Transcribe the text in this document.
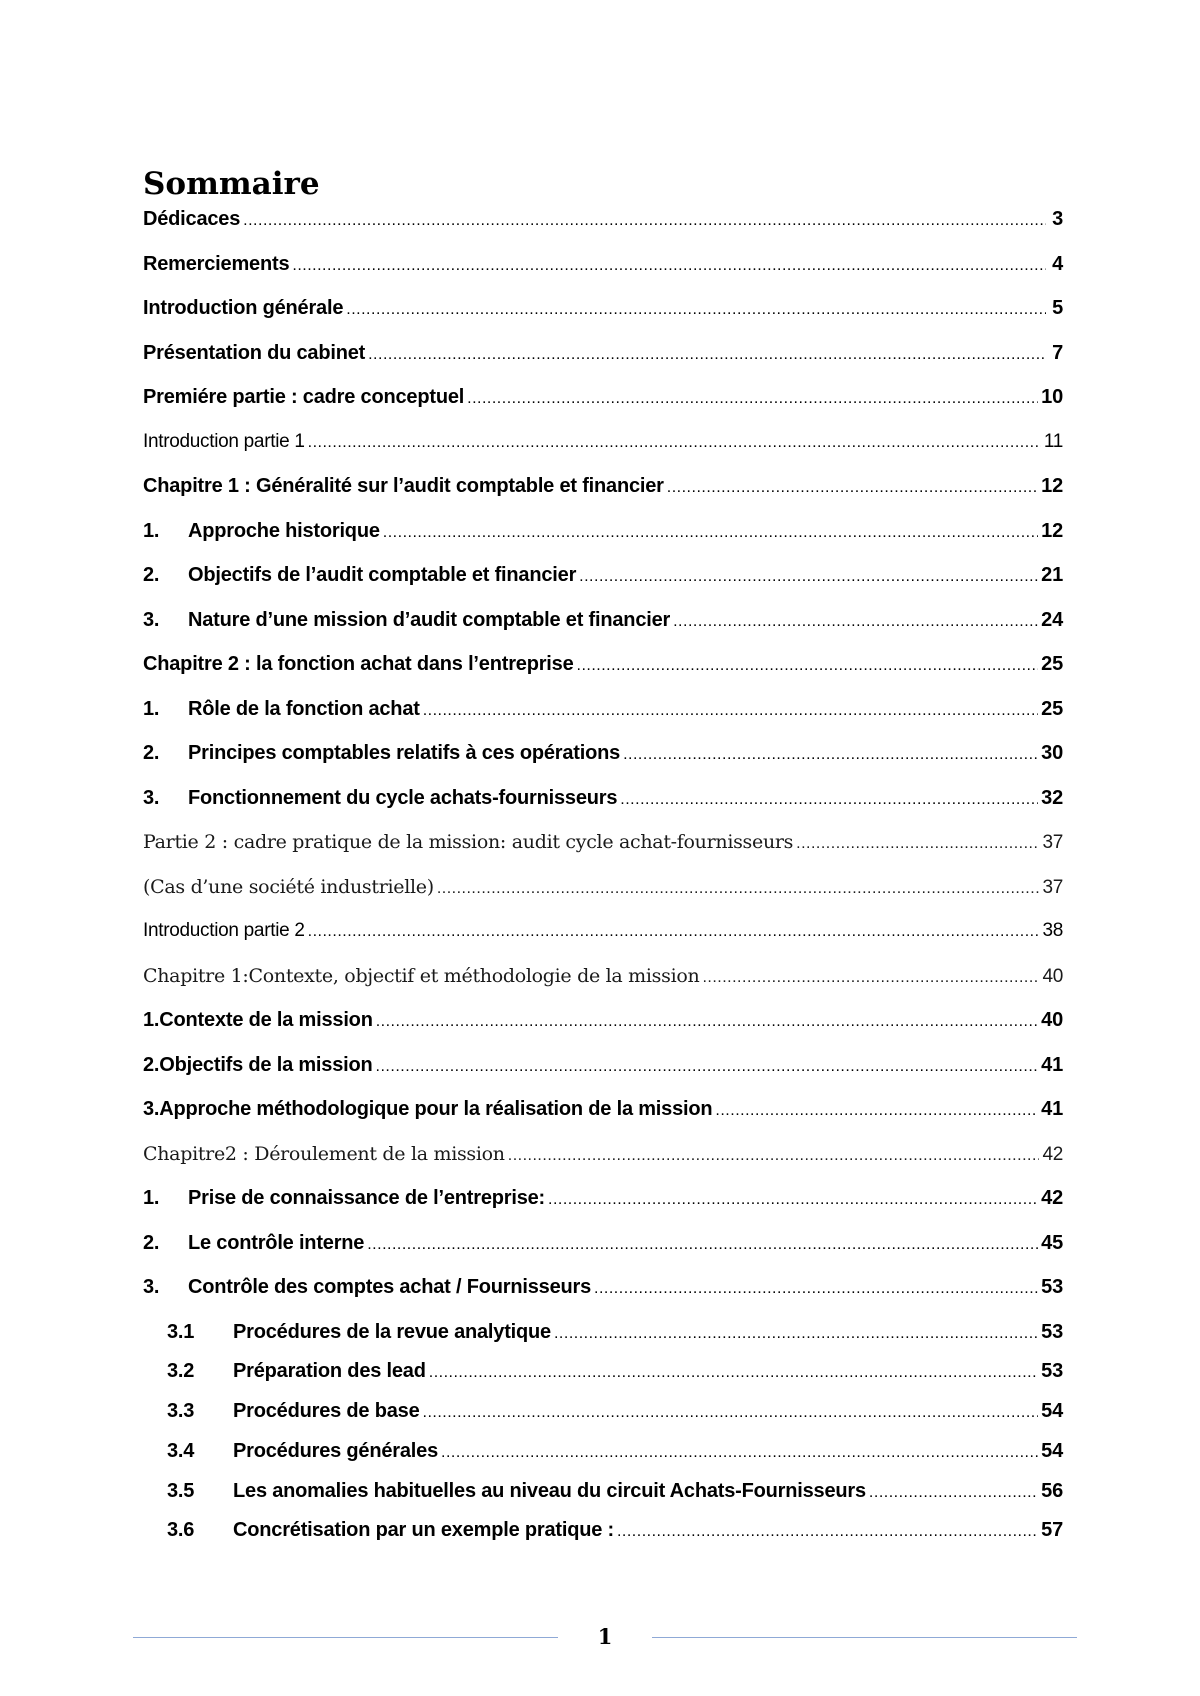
Sommaire
Dédicaces .....	3
Remerciements .....	4
Introduction générale .....	5
Présentation du cabinet .....	7
Premiére partie : cadre conceptuel .....	10
Introduction partie 1 .....	11
Chapitre 1 : Généralité sur l’audit comptable et financier .....	12
1.	Approche historique .....	12
2.	Objectifs de l’audit comptable et financier .....	21
3.	Nature d’une mission d’audit comptable et financier .....	24
Chapitre 2 : la fonction achat dans l’entreprise .....	25
1.	Rôle de la fonction achat .....	25
2.	Principes comptables relatifs à ces opérations .....	30
3.	Fonctionnement du cycle achats-fournisseurs .....	32
Partie 2 : cadre pratique de la mission: audit cycle achat-fournisseurs .....	37
(Cas d’une société industrielle) .....	37
Introduction partie 2 .....	38
Chapitre 1:Contexte, objectif et méthodologie de la mission .....	40
1.Contexte de la mission .....	40
2.Objectifs de la mission .....	41
3.Approche méthodologique pour la réalisation de la mission .....	41
Chapitre2 : Déroulement de la mission .....	42
1.	Prise de connaissance de l’entreprise: .....	42
2.	Le contrôle interne .....	45
3.	Contrôle des comptes achat / Fournisseurs .....	53
3.1	Procédures de la revue analytique .....	53
3.2	Préparation des lead .....	53
3.3	Procédures de base .....	54
3.4	Procédures générales .....	54
3.5	Les anomalies habituelles au niveau du circuit Achats-Fournisseurs .....	56
3.6	Concrétisation par un exemple pratique : .....	57
1
